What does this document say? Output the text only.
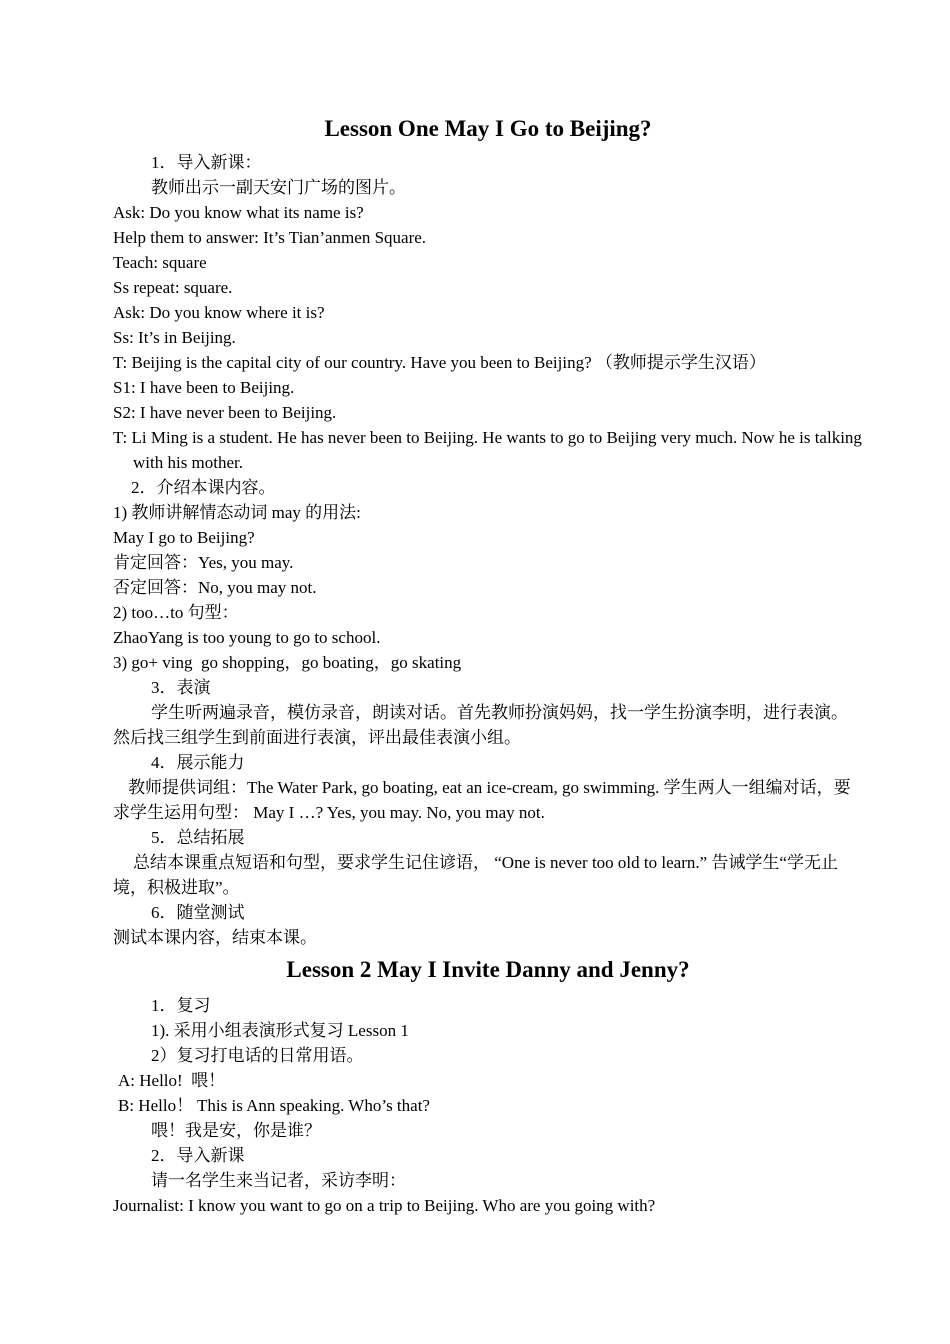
Lesson One May I Go to Beijing?

1．导入新课：

教师出示一副天安门广场的图片。

Ask: Do you know what its name is?

Help them to answer: It’s Tian’anmen Square.

Teach: square

Ss repeat: square.

Ask: Do you know where it is?

Ss: It’s in Beijing.

T: Beijing is the capital city of our country. Have you been to Beijing? （教师提示学生汉语）

S1: I have been to Beijing.

S2: I have never been to Beijing.

T: Li Ming is a student. He has never been to Beijing. He wants to go to Beijing very much. Now he is talking with his mother.

2．介绍本课内容。

1) 教师讲解情态动词 may 的用法:

May I go to Beijing?

肯定回答：Yes, you may.

否定回答：No, you may not.

2) too…to 句型：

ZhaoYang is too young to go to school.

3) go+ ving  go shopping，go boating，go skating

3．表演

学生听两遍录音，模仿录音，朗读对话。首先教师扮演妈妈，找一学生扮演李明，进行表演。然后找三组学生到前面进行表演，评出最佳表演小组。

4．展示能力

教师提供词组：The Water Park, go boating, eat an ice-cream, go swimming. 学生两人一组编对话，要求学生运用句型： May I …? Yes, you may. No, you may not.

5．总结拓展

总结本课重点短语和句型，要求学生记住谚语， “One is never too old to learn.” 告诫学生“学无止境，积极进取”。

6．随堂测试

测试本课内容，结束本课。

Lesson 2 May I Invite Danny and Jenny?

1．复习

1). 采用小组表演形式复习 Lesson 1

2）复习打电话的日常用语。

A: Hello!  喂！

B: Hello！ This is Ann speaking. Who’s that?

喂！我是安，你是谁？

2．导入新课

请一名学生来当记者，采访李明：

Journalist: I know you want to go on a trip to Beijing. Who are you going with?
